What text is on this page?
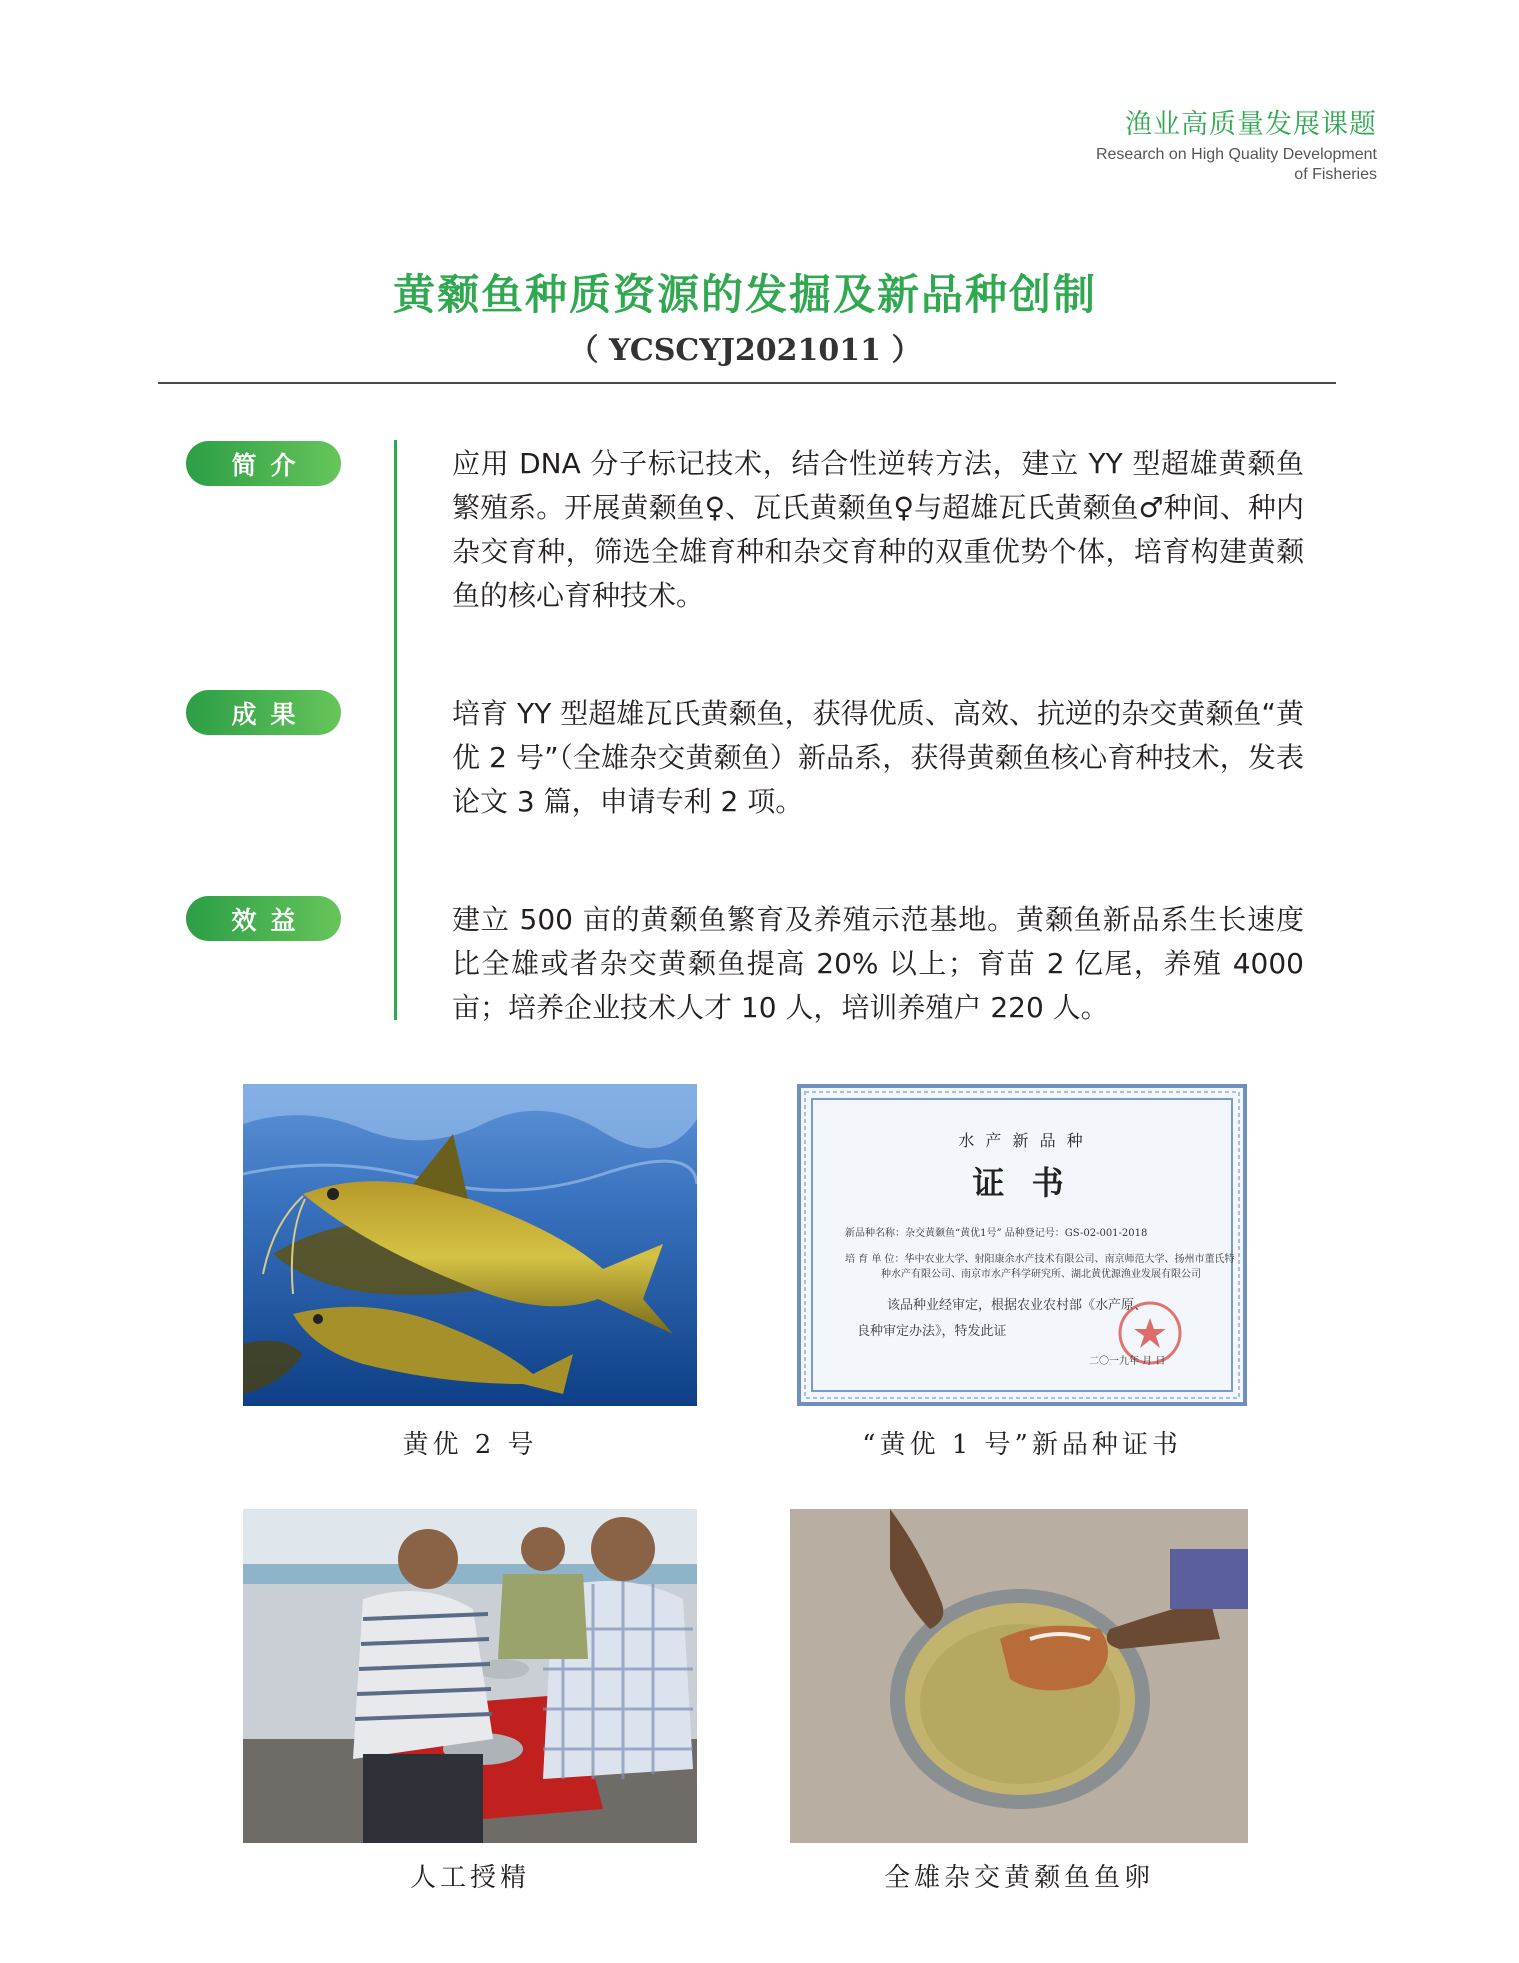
渔业高质量发展课题
Research on High Quality Development
of Fisheries
黄颡鱼种质资源的发掘及新品种创制
（ YCSCYJ2021011 ）
简介	应用 DNA 分子标记技术，结合性逆转方法，建立 YY 型超雄黄颡鱼繁殖系。开展黄颡鱼♀、瓦氏黄颡鱼♀与超雄瓦氏黄颡鱼♂种间、种内杂交育种，筛选全雄育种和杂交育种的双重优势个体，培育构建黄颡鱼的核心育种技术。
成果	培育 YY 型超雄瓦氏黄颡鱼，获得优质、高效、抗逆的杂交黄颡鱼“黄优 2 号”（全雄杂交黄颡鱼）新品系，获得黄颡鱼核心育种技术，发表论文 3 篇，申请专利 2 项。
效益	建立 500 亩的黄颡鱼繁育及养殖示范基地。黄颡鱼新品系生长速度比全雄或者杂交黄颡鱼提高 20% 以上；育苗 2 亿尾，养殖 4000 亩；培养企业技术人才 10 人，培训养殖户 220 人。
黄优 2 号
水 产 新 品 种
证 书
新品种名称：杂交黄颡鱼“黄优1号” 品种登记号：GS-02-001-2018
培 育 单 位：华中农业大学、射阳康余水产技术有限公司、南京师范大学、扬州市董氏特
种水产有限公司、南京市水产科学研究所、湖北黄优源渔业发展有限公司
该品种业经审定，根据农业农村部《水产原、
良种审定办法》，特发此证
二〇一九年 月 日
“黄优 1 号”新品种证书
人工授精	全雄杂交黄颡鱼鱼卵
